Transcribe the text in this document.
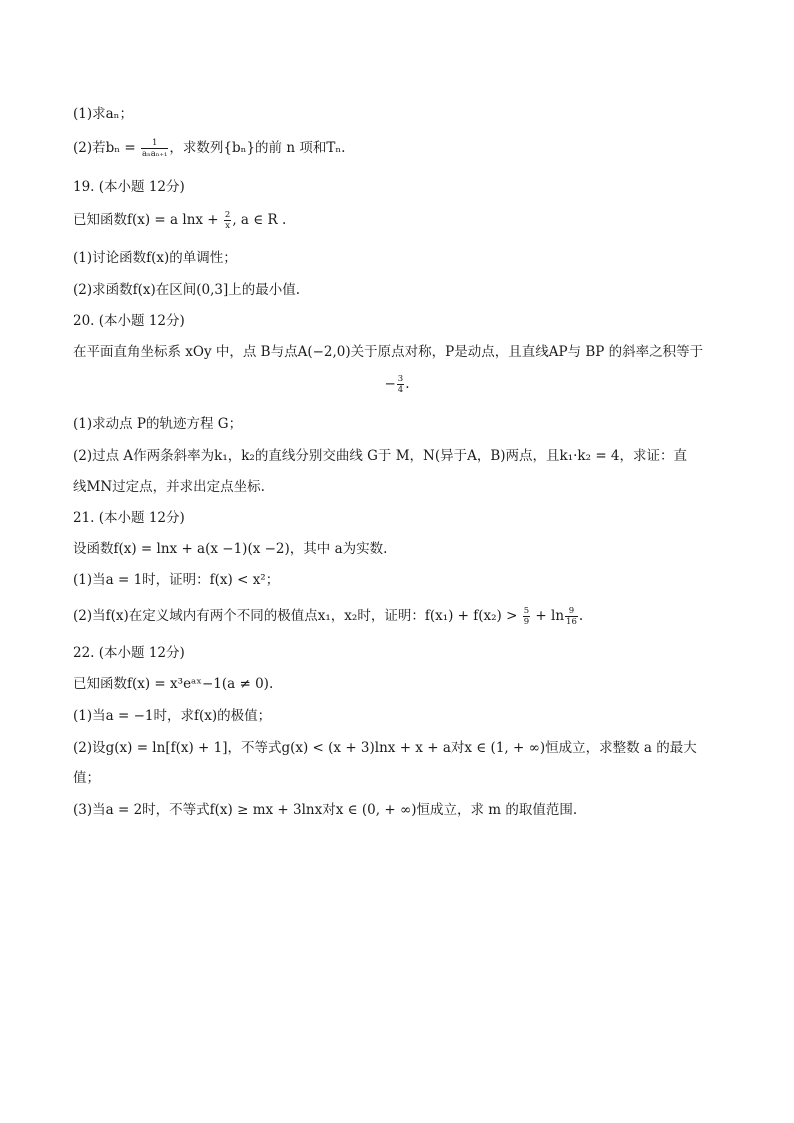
(1)求aₙ；
(2)若$b_n = \frac{1}{\text{aₙaₙ₊₁}}$ ，求数列{bₙ}的前 n 项和Tₙ.
19. (本小题 12分)
已知函数f(x) = a $\ln x + \frac{2}{x}$ , a ∈ R .
(1)讨论函数f(x)的单调性；
(2)求函数f(x)在区间(0,3]上的最小值.
20. (本小题 12分)
在平面直角坐标系 xOy 中，点 B与点A(−2,0)关于原点对称，P是动点，且直线AP与 BP 的斜率之积等于
− $\frac{3}{4}$ .
(1)求动点 P的轨迹方程 G；
(2)过点 A作两条斜率为k₁，k₂的直线分别交曲线 G于 M，N(异于A，B)两点，且k₁·k₂ = 4，求证：直
线MN过定点，并求出定点坐标.
21. (本小题 12分)
设函数f(x) = lnx + a(x −1)(x −2)，其中 a为实数.
(1)当a = 1时，证明：f(x) < x²；
(2)当f(x)在定义域内有两个不同的极值点x₁，x₂时，证明：$f(x_1) + f(x_2) > \frac{5}{9} + \ln \frac{9}{16}$ .
22. (本小题 12分)
已知函数f(x) = x³eᵃˣ−1(a ≠ 0).
(1)当a = −1时，求f(x)的极值；
(2)设g(x) = ln[f(x) + 1]，不等式g(x) < (x + 3)lnx + x + a对x ∈ (1, + ∞)恒成立，求整数 a 的最大
值；
(3)当a = 2时，不等式f(x) ≥ mx + 3lnx对x ∈ (0, + ∞)恒成立，求 m 的取值范围.
